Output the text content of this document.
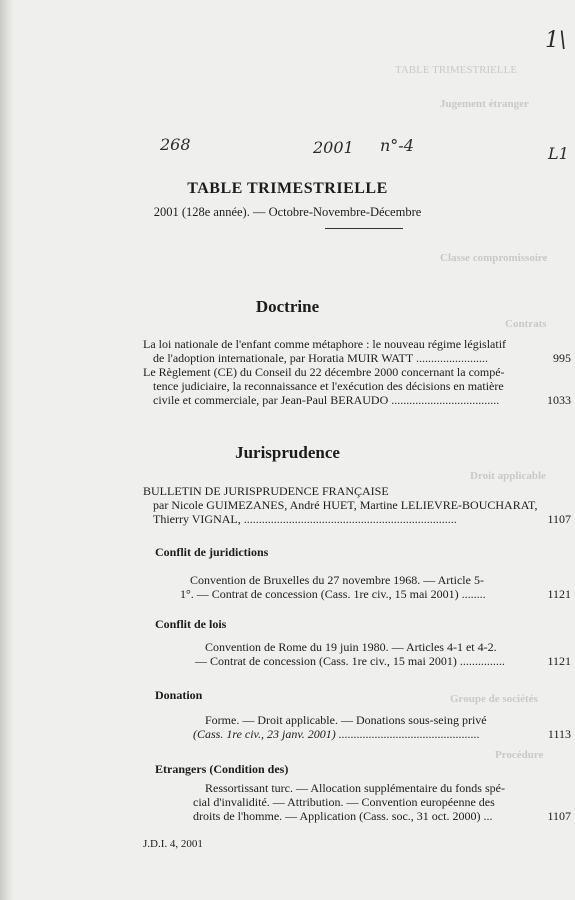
TABLE TRIMESTRIELLE
Jugement étranger
Classe compromissoire
Contrats
Droit applicable
Groupe de sociétés
Procédure
1\
268	2001 n°-4	L1
TABLE TRIMESTRIELLE
2001 (128e année). — Octobre-Novembre-Décembre
Doctrine
La loi nationale de l'enfant comme métaphore : le nouveau régime législatif
de l'adoption internationale, par Horatia MUIR WATT ........................	995
Le Règlement (CE) du Conseil du 22 décembre 2000 concernant la compé-
tence judiciaire, la reconnaissance et l'exécution des décisions en matière
civile et commerciale, par Jean-Paul BERAUDO ....................................	1033
Jurisprudence
BULLETIN DE JURISPRUDENCE FRANÇAISE
par Nicole GUIMEZANES, André HUET, Martine LELIEVRE-BOUCHARAT,
Thierry VIGNAL, .......................................................................	1107
Conflit de juridictions
Convention de Bruxelles du 27 novembre 1968. — Article 5-
1°. — Contrat de concession (Cass. 1re civ., 15 mai 2001) ........	1121
Conflit de lois
Convention de Rome du 19 juin 1980. — Articles 4-1 et 4-2.
— Contrat de concession (Cass. 1re civ., 15 mai 2001) ...............	1121
Donation
Forme. — Droit applicable. — Donations sous-seing privé
(Cass. 1re civ., 23 janv. 2001) ...............................................	1113
Etrangers (Condition des)
Ressortissant turc. — Allocation supplémentaire du fonds spé-
cial d'invalidité. — Attribution. — Convention européenne des
droits de l'homme. — Application (Cass. soc., 31 oct. 2000) ...	1107
J.D.I. 4, 2001
